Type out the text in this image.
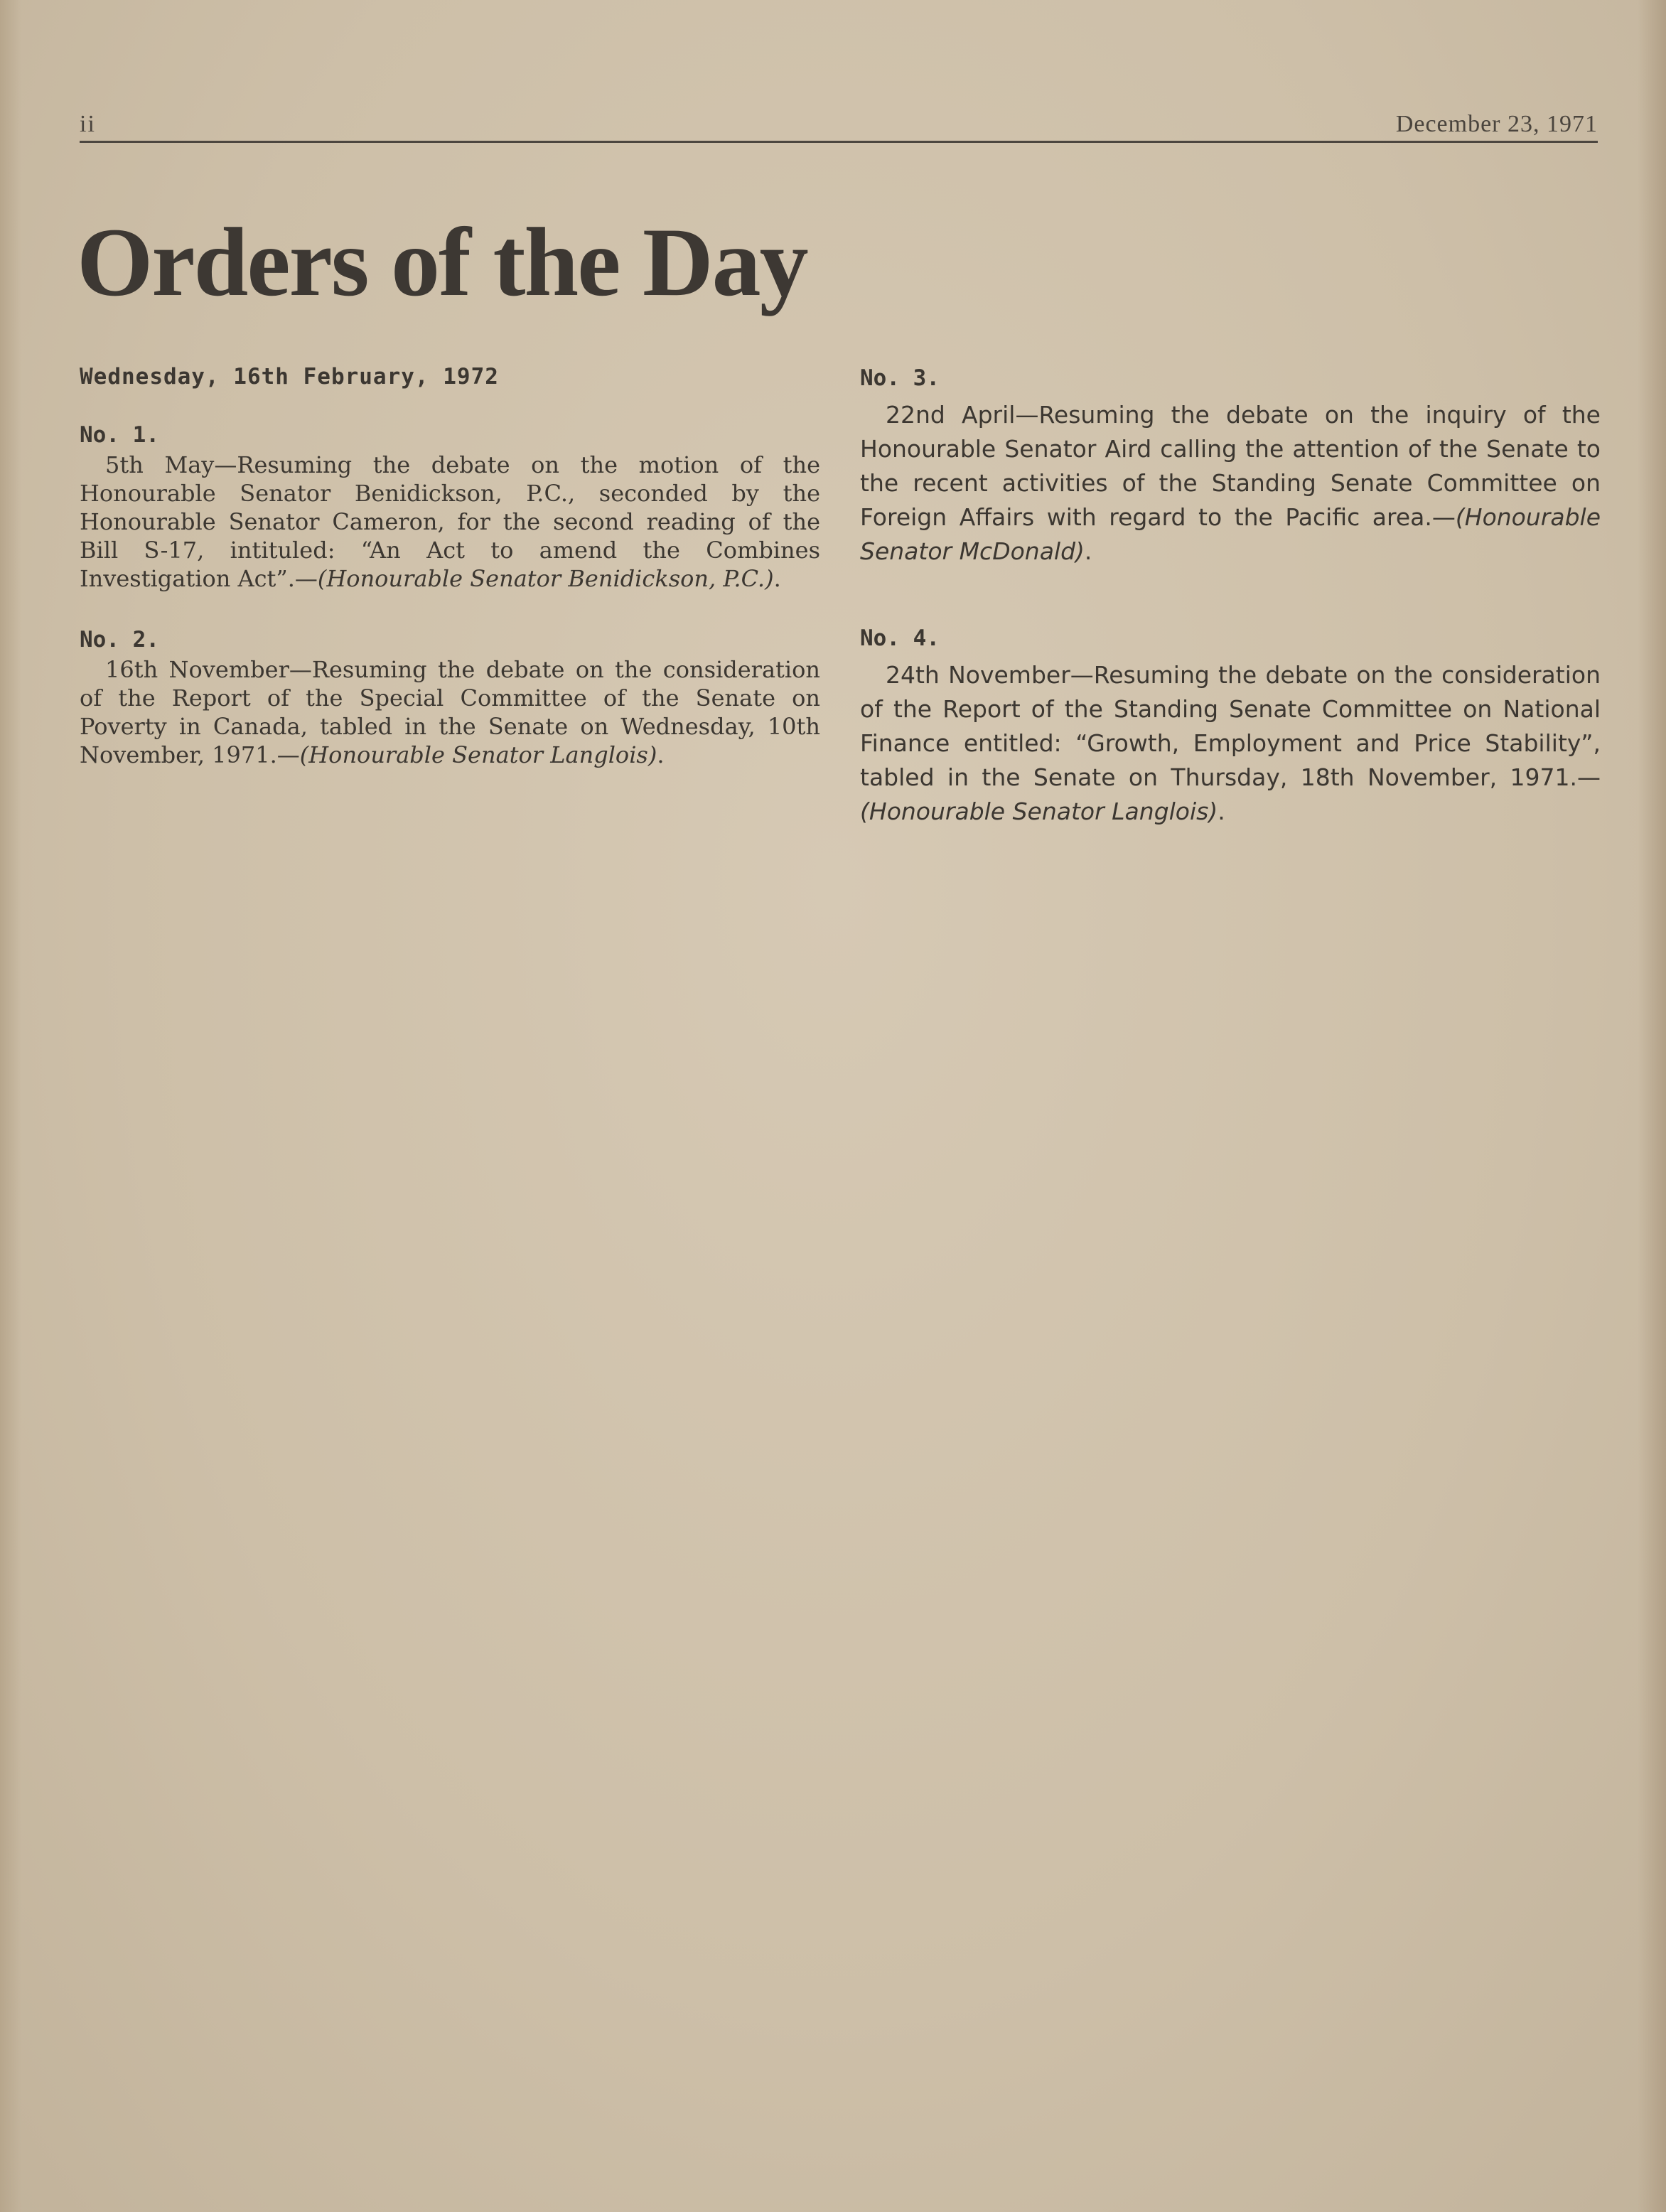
ii	December 23, 1971
Orders of the Day

Wednesday, 16th February, 1972

No. 1.

5th May—Resuming the debate on the motion of the Honourable Senator Benidickson, P.C., seconded by the Honourable Senator Cameron, for the second reading of the Bill S-17, intituled: “An Act to amend the Combines Investigation Act”.—(Honourable Senator Benidickson, P.C.).

No. 2.

16th November—Resuming the debate on the consideration of the Report of the Special Committee of the Senate on Poverty in Canada, tabled in the Senate on Wednesday, 10th November, 1971.—(Honourable Senator Langlois).

No. 3.

22nd April—Resuming the debate on the inquiry of the Honourable Senator Aird calling the attention of the Senate to the recent activities of the Standing Senate Committee on Foreign Affairs with regard to the Pacific area.—(Honourable Senator McDonald).

No. 4.

24th November—Resuming the debate on the consideration of the Report of the Standing Senate Committee on National Finance entitled: “Growth, Employment and Price Stability”, tabled in the Senate on Thursday, 18th November, 1971.—(Honourable Senator Langlois).
